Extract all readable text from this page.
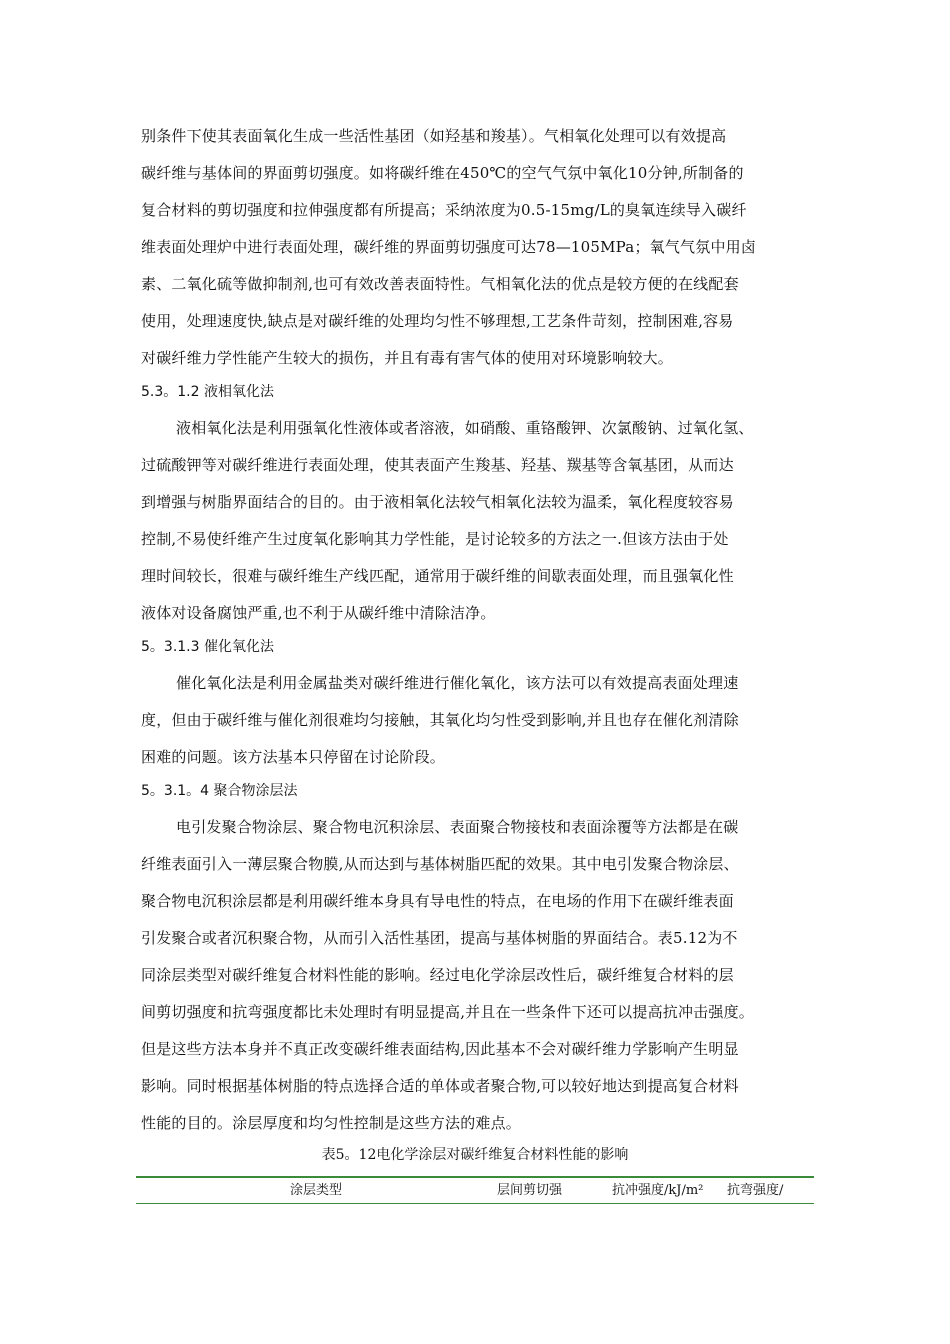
别条件下使其表面氧化生成一些活性基团（如羟基和羧基）。气相氧化处理可以有效提高
碳纤维与基体间的界面剪切强度。如将碳纤维在450℃的空气气氛中氧化10分钟,所制备的
复合材料的剪切强度和拉伸强度都有所提高；采纳浓度为0.5-15mg/L的臭氧连续导入碳纤
维表面处理炉中进行表面处理，碳纤维的界面剪切强度可达78—105MPa；氧气气氛中用卤
素、二氧化硫等做抑制剂,也可有效改善表面特性。气相氧化法的优点是较方便的在线配套
使用，处理速度快,缺点是对碳纤维的处理均匀性不够理想,工艺条件苛刻，控制困难,容易
对碳纤维力学性能产生较大的损伤，并且有毒有害气体的使用对环境影响较大。
5.3。1.2 液相氧化法
液相氧化法是利用强氧化性液体或者溶液，如硝酸、重铬酸钾、次氯酸钠、过氧化氢、
过硫酸钾等对碳纤维进行表面处理，使其表面产生羧基、羟基、羰基等含氧基团，从而达
到增强与树脂界面结合的目的。由于液相氧化法较气相氧化法较为温柔，氧化程度较容易
控制,不易使纤维产生过度氧化影响其力学性能，是讨论较多的方法之一.但该方法由于处
理时间较长，很难与碳纤维生产线匹配，通常用于碳纤维的间歇表面处理，而且强氧化性
液体对设备腐蚀严重,也不利于从碳纤维中清除洁净。
5。3.1.3 催化氧化法
催化氧化法是利用金属盐类对碳纤维进行催化氧化，该方法可以有效提高表面处理速
度，但由于碳纤维与催化剂很难均匀接触，其氧化均匀性受到影响,并且也存在催化剂清除
困难的问题。该方法基本只停留在讨论阶段。
5。3.1。4 聚合物涂层法
电引发聚合物涂层、聚合物电沉积涂层、表面聚合物接枝和表面涂覆等方法都是在碳
纤维表面引入一薄层聚合物膜,从而达到与基体树脂匹配的效果。其中电引发聚合物涂层、
聚合物电沉积涂层都是利用碳纤维本身具有导电性的特点，在电场的作用下在碳纤维表面
引发聚合或者沉积聚合物，从而引入活性基团，提高与基体树脂的界面结合。表5.12为不
同涂层类型对碳纤维复合材料性能的影响。经过电化学涂层改性后，碳纤维复合材料的层
间剪切强度和抗弯强度都比未处理时有明显提高,并且在一些条件下还可以提高抗冲击强度。
但是这些方法本身并不真正改变碳纤维表面结构,因此基本不会对碳纤维力学影响产生明显
影响。同时根据基体树脂的特点选择合适的单体或者聚合物,可以较好地达到提高复合材料
性能的目的。涂层厚度和均匀性控制是这些方法的难点。
表5。12电化学涂层对碳纤维复合材料性能的影响
涂层类型	层间剪切强	抗冲强度/kJ/m² 抗弯强度/
